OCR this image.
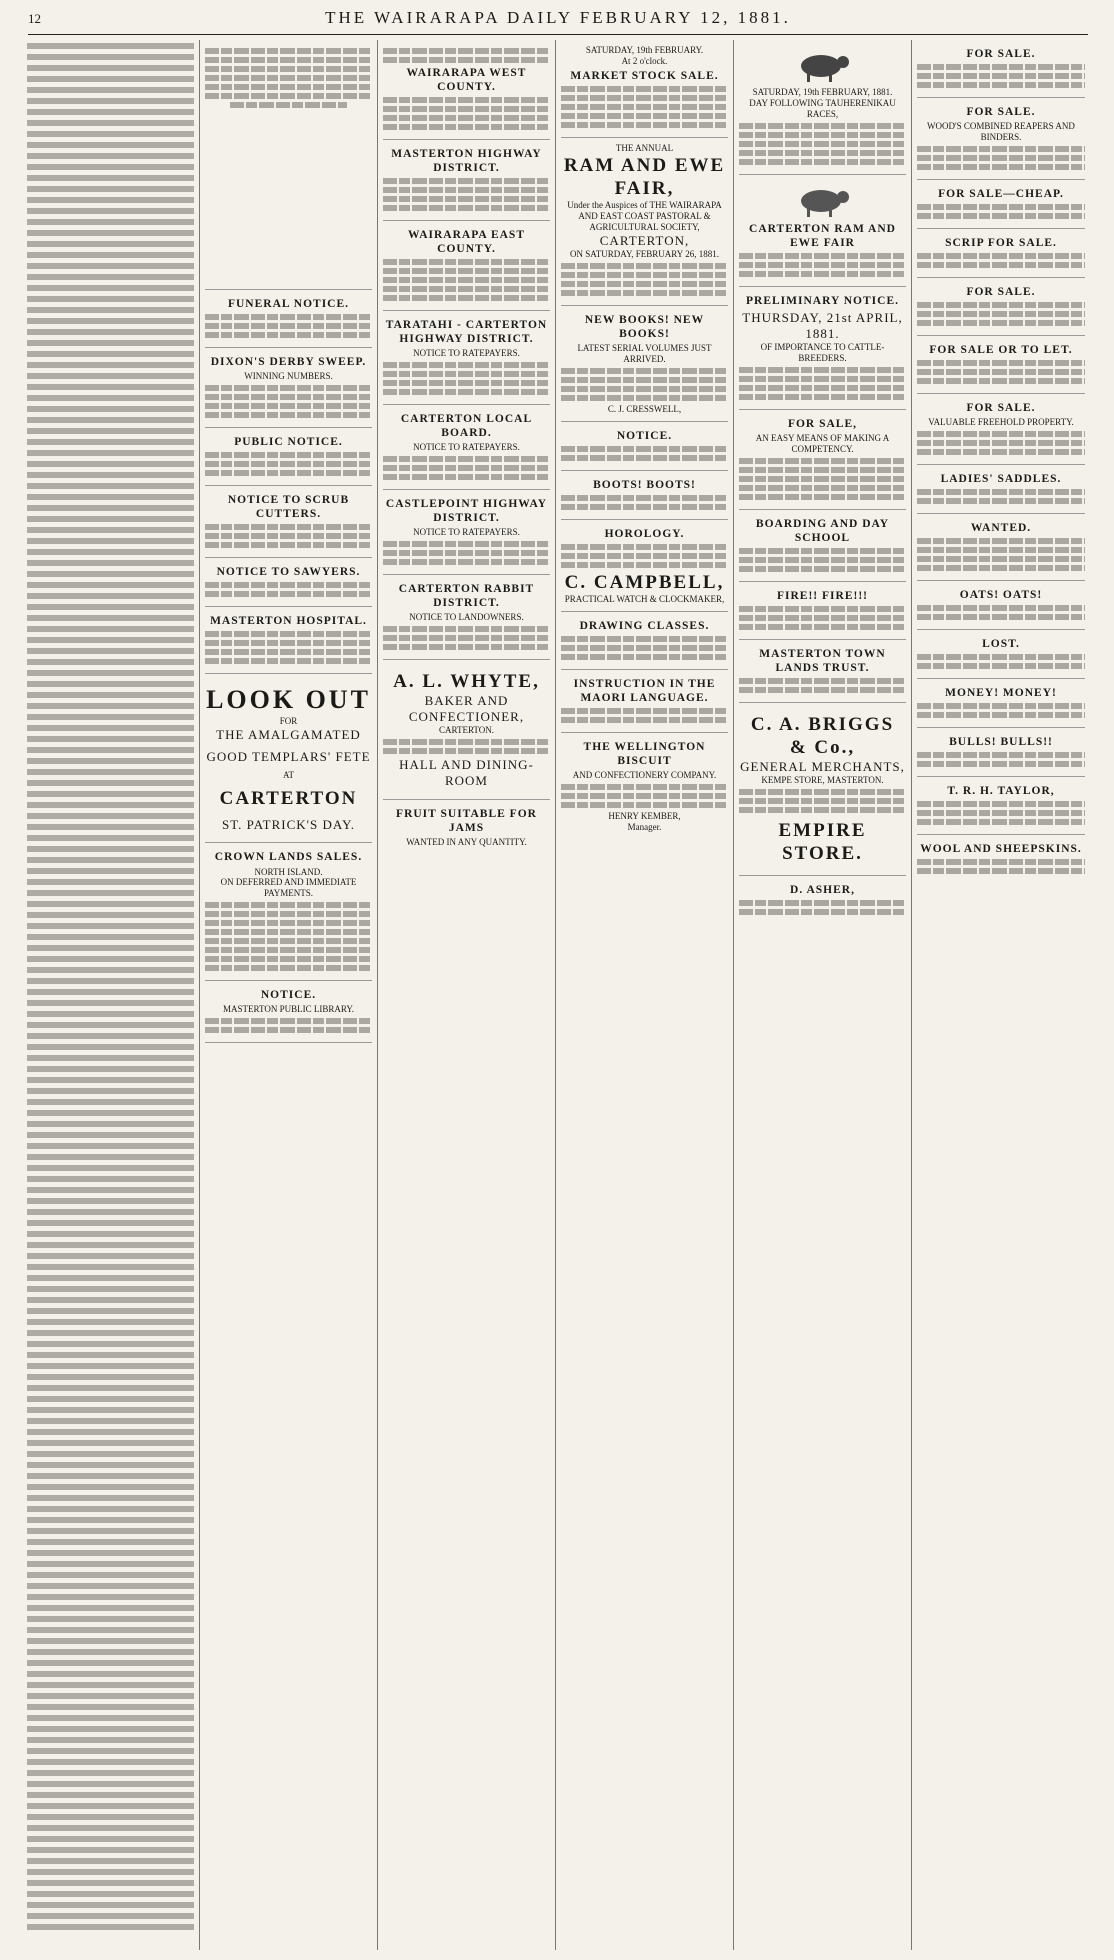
12	THE WAIRARAPA DAILY FEBRUARY 12, 1881.
FUNERAL NOTICE.
DIXON'S DERBY SWEEP.
WINNING NUMBERS.
PUBLIC NOTICE.
NOTICE TO SCRUB CUTTERS.
NOTICE TO SAWYERS.
MASTERTON HOSPITAL.
LOOK OUT
FOR
THE AMALGAMATED
GOOD TEMPLARS' FETE
AT
CARTERTON
ST. PATRICK'S DAY.
CROWN LANDS SALES.
NORTH ISLAND.
ON DEFERRED AND IMMEDIATE PAYMENTS.
NOTICE.
MASTERTON PUBLIC LIBRARY.
WAIRARAPA WEST COUNTY.
MASTERTON HIGHWAY DISTRICT.
WAIRARAPA EAST COUNTY.
TARATAHI - CARTERTON HIGHWAY DISTRICT.
NOTICE TO RATEPAYERS.
CARTERTON LOCAL BOARD.
NOTICE TO RATEPAYERS.
CASTLEPOINT HIGHWAY DISTRICT.
NOTICE TO RATEPAYERS.
CARTERTON RABBIT DISTRICT.
NOTICE TO LANDOWNERS.
A. L. WHYTE,
BAKER AND CONFECTIONER,
CARTERTON.
HALL AND DINING-ROOM
FRUIT SUITABLE FOR JAMS
WANTED IN ANY QUANTITY.
SATURDAY, 19th FEBRUARY.
At 2 o'clock.
MARKET STOCK SALE.
THE ANNUAL
RAM AND EWE FAIR,
Under the Auspices of THE WAIRARAPA AND EAST COAST PASTORAL & AGRICULTURAL SOCIETY,
CARTERTON,
ON SATURDAY, FEBRUARY 26, 1881.
NEW BOOKS! NEW BOOKS!
LATEST SERIAL VOLUMES JUST ARRIVED.
C. J. CRESSWELL,
NOTICE.
BOOTS! BOOTS!
HOROLOGY.
C. CAMPBELL,
PRACTICAL WATCH & CLOCKMAKER,
DRAWING CLASSES.
INSTRUCTION IN THE MAORI LANGUAGE.
THE WELLINGTON BISCUIT
AND CONFECTIONERY COMPANY.
HENRY KEMBER,
Manager.
SATURDAY, 19th FEBRUARY, 1881.
DAY FOLLOWING TAUHERENIKAU RACES,
CARTERTON RAM AND EWE FAIR
PRELIMINARY NOTICE.
THURSDAY, 21st APRIL, 1881.
OF IMPORTANCE TO CATTLE-BREEDERS.
FOR SALE,
AN EASY MEANS OF MAKING A COMPETENCY.
BOARDING AND DAY SCHOOL
FIRE!! FIRE!!!
MASTERTON TOWN LANDS TRUST.
C. A. BRIGGS & Co.,
GENERAL MERCHANTS,
KEMPE STORE, MASTERTON.
EMPIRE STORE.
D. ASHER,
FOR SALE.
FOR SALE.
WOOD'S COMBINED REAPERS AND BINDERS.
FOR SALE—CHEAP.
SCRIP FOR SALE.
FOR SALE.
FOR SALE OR TO LET.
FOR SALE.
VALUABLE FREEHOLD PROPERTY.
LADIES' SADDLES.
WANTED.
OATS! OATS!
LOST.
MONEY! MONEY!
BULLS! BULLS!!
T. R. H. TAYLOR,
WOOL AND SHEEPSKINS.
